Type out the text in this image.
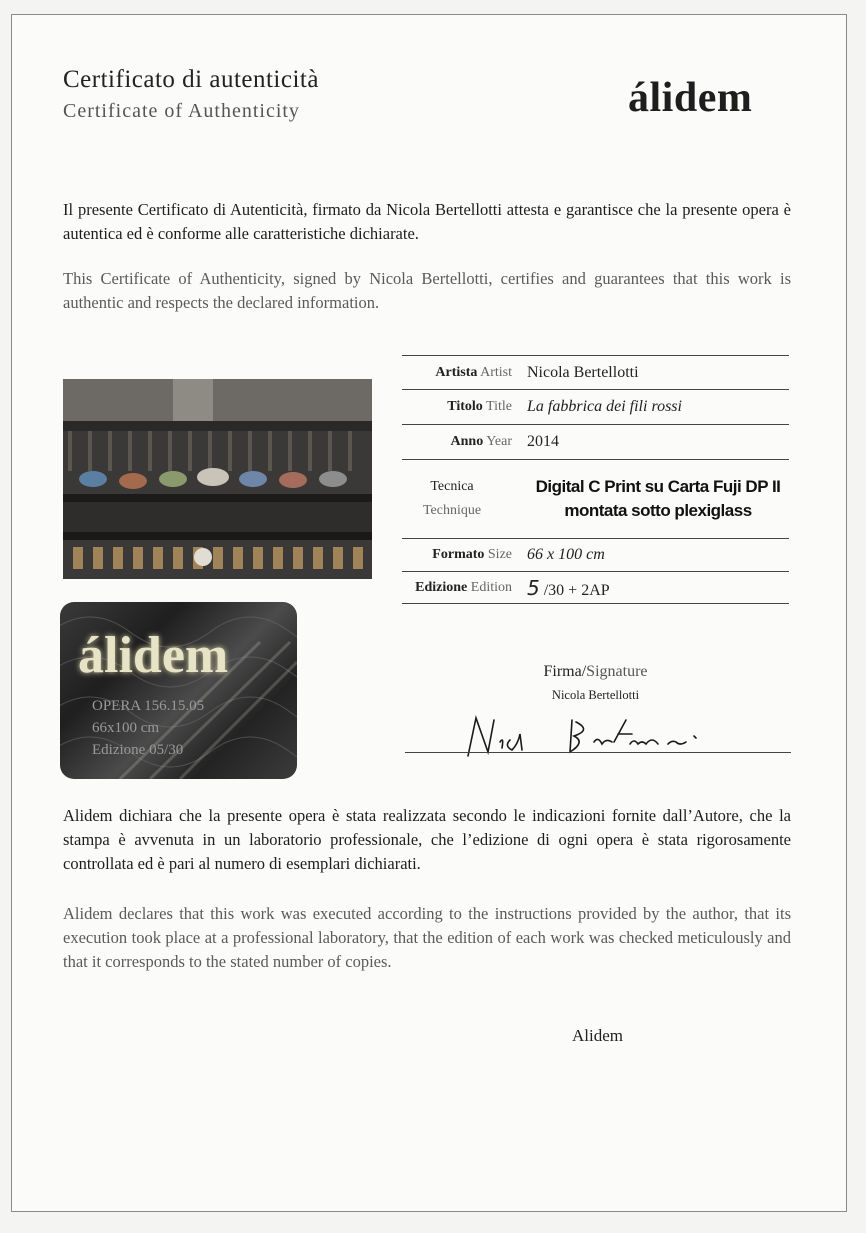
Certificato di autenticità
Certificate of Authenticity	álidem
Il presente Certificato di Autenticità, firmato da Nicola Bertellotti attesta e garantisce che la presente opera è autentica ed è conforme alle caratteristiche dichiarate.
This Certificate of Authenticity, signed by Nicola Bertellotti, certifies and guarantees that this work is authentic and respects the declared information.
álidem
OPERA 156.15.05
66x100 cm
Edizione 05/30
Artista Artist Nicola Bertellotti
Titolo Title La fabbrica dei fili rossi
Anno Year 2014
Tecnica
Technique
Digital C Print su Carta Fuji DP II
montata sotto plexiglass
Formato Size 66 x 100 cm
Edizione Edition 5 /30 + 2AP
Firma/Signature
Nicola Bertellotti
Alidem dichiara che la presente opera è stata realizzata secondo le indicazioni fornite dall’Autore, che la stampa è avvenuta in un laboratorio professionale, che l’edizione di ogni opera è stata rigorosamente controllata ed è pari al numero di esemplari dichiarati.
Alidem declares that this work was executed according to the instructions provided by the author, that its execution took place at a professional laboratory, that the edition of each work was checked meticulously and that it corresponds to the stated number of copies.
Alidem
